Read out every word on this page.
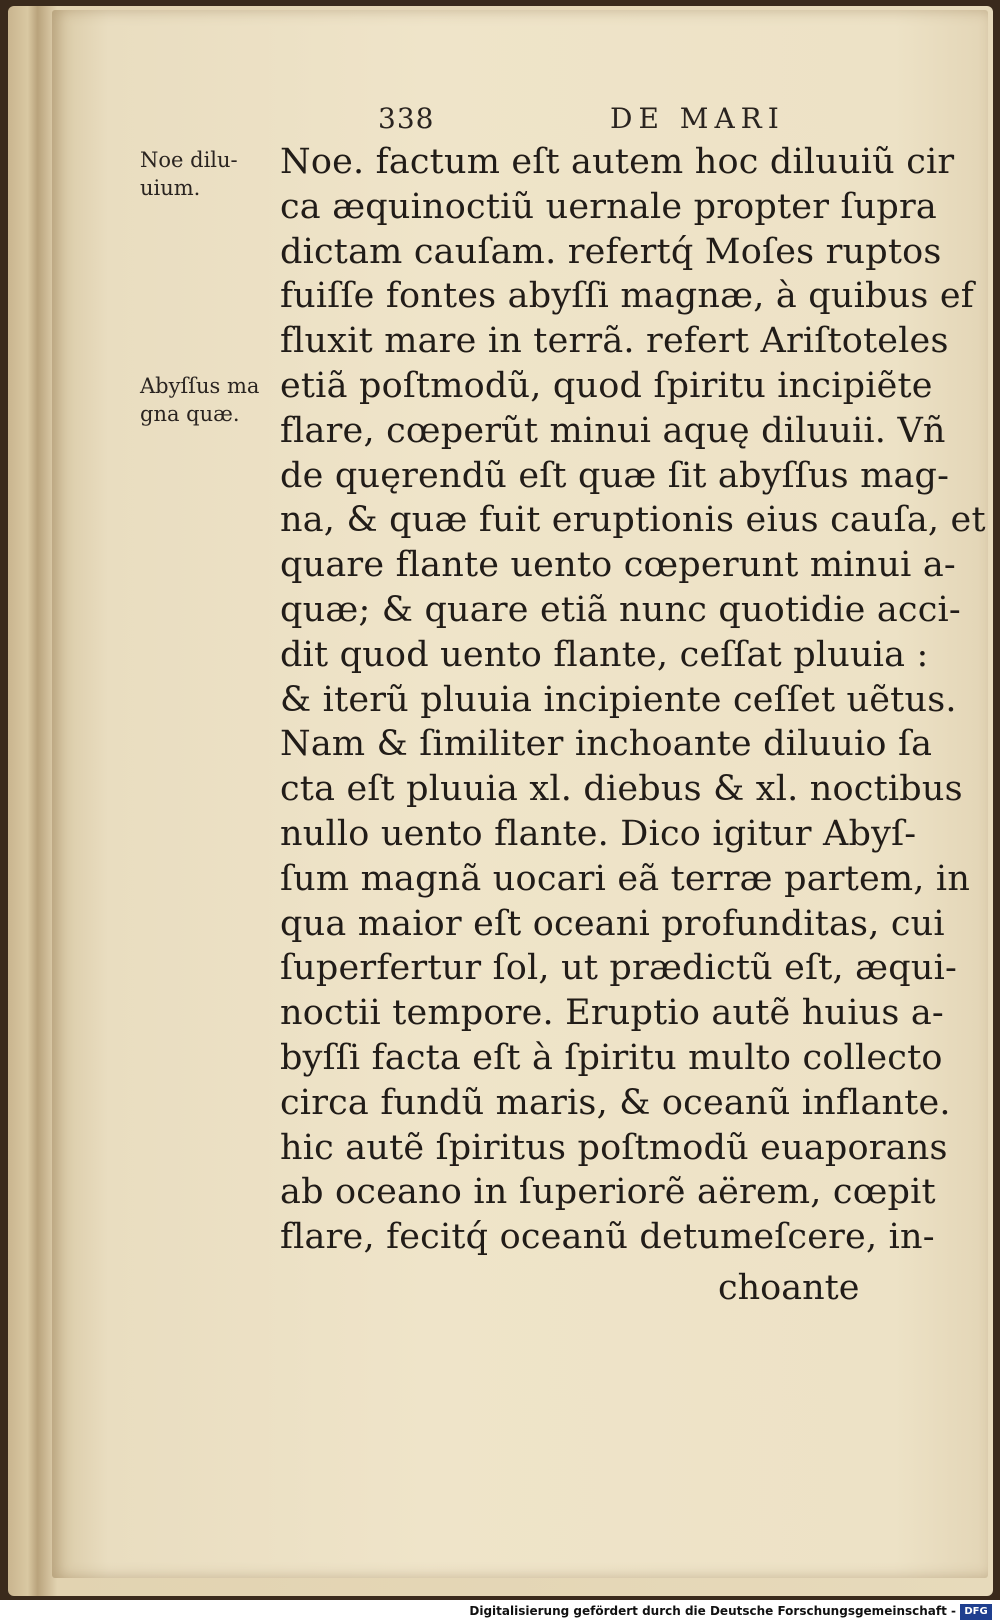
338	DE MARI
Noe dilu-
uium.
Abyſſus ma
gna quæ.
Noe. factum eſt autem hoc diluuiũ cir
ca æquinoctiũ uernale propter ſupra
dictam cauſam. refertq́ Moſes ruptos
fuiſſe fontes abyſſi magnæ, à quibus ef
fluxit mare in terrã. refert Ariſtoteles
etiã poſtmodũ, quod ſpiritu incipiẽte
flare, cœperũt minui aquę diluuii. Vñ
de quęrendũ eſt quæ ſit abyſſus mag-
na, & quæ fuit eruptionis eius cauſa, et
quare flante uento cœperunt minui a-
quæ; & quare etiã nunc quotidie acci-
dit quod uento flante, ceſſat pluuia :
& iterũ pluuia incipiente ceſſet uẽtus.
Nam & ſimiliter inchoante diluuio ſa
cta eſt pluuia xl. diebus & xl. noctibus
nullo uento flante. Dico igitur Abyſ-
ſum magnã uocari eã terræ partem, in
qua maior eſt oceani profunditas, cui
ſuperfertur ſol, ut prædictũ eſt, æqui-
noctii tempore. Eruptio autẽ huius a-
byſſi facta eſt à ſpiritu multo collecto
circa fundũ maris, & oceanũ inflante.
hic autẽ ſpiritus poſtmodũ euaporans
ab oceano in ſuperiorẽ aërem, cœpit
flare, fecitq́ oceanũ detumeſcere, in-
choante
Digitalisierung gefördert durch die Deutsche Forschungsgemeinschaft - DFG
